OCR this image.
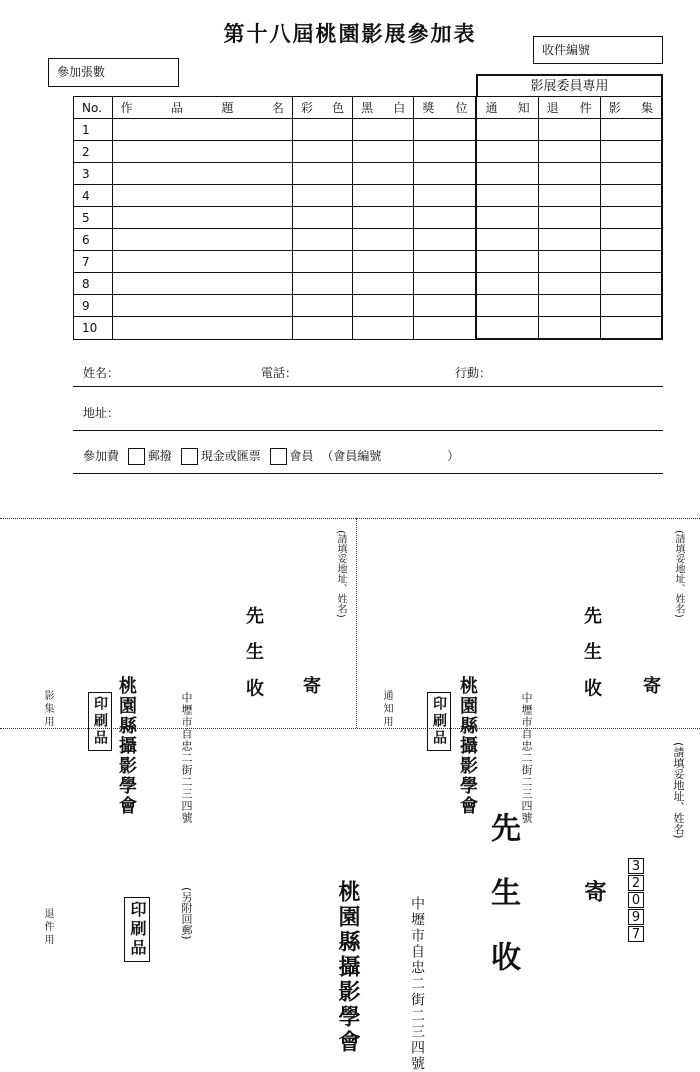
第十八屆桃園影展參加表
收件編號
參加張數
影展委員專用
No.	作 品 題 名	彩 色	黑 白	獎 位	通 知	退 件	影 集

1							
2							
3							
4							
5							
6							
7							
8							
9							
10							
姓名：	電話：	行動：
地址：
參加費 郵撥 現金或匯票 會員 （會員編號	）
(請填妥地址、姓名)
先 生 收 寄
桃園縣攝影學會	中壢市自忠二街二三四號
印刷品
影集用
(請填妥地址、姓名)
先 生 收 寄
桃園縣攝影學會	中壢市自忠二街二三四號
印刷品
通知用
(請填妥地址、姓名)
先 生 收
桃園縣攝影學會	寄
中壢市自忠二街二三四號
3
2
0
9
7
(另附回郵)
印刷品
退件用
